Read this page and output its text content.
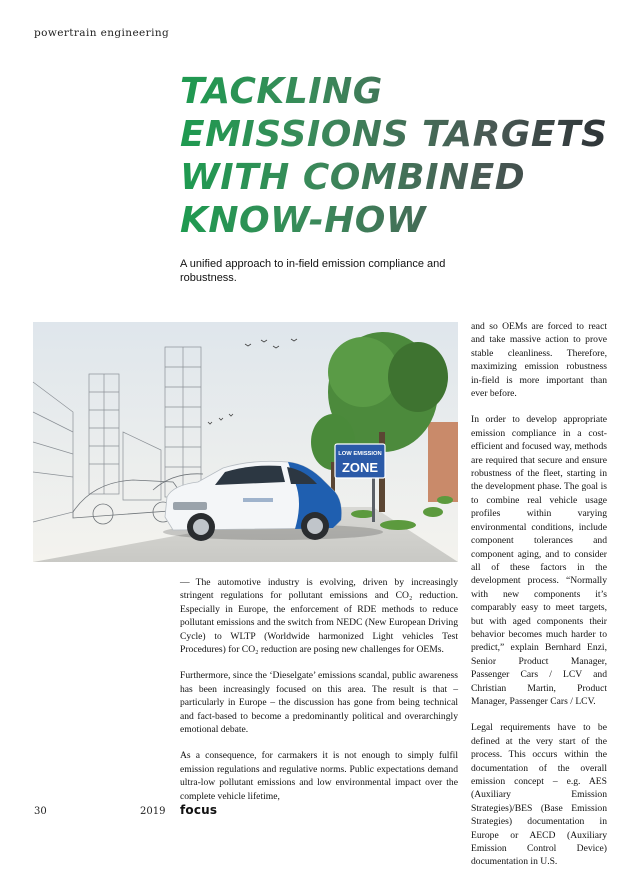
powertrain engineering
TACKLING
EMISSIONS TARGETS
WITH COMBINED
KNOW-HOW
A unified approach to in-field emission compliance and robustness.
LOW EMISSION
ZONE

— The automotive industry is evolving, driven by increasingly stringent regulations for pollutant emissions and CO₂ reduction. Especially in Europe, the enforcement of RDE methods to reduce pollutant emissions and the switch from NEDC (New European Driving Cycle) to WLTP (Worldwide harmonized Light vehicles Test Procedures) for CO₂ reduction are posing new challenges for OEMs.

Furthermore, since the ‘Dieselgate’ emissions scandal, public awareness has been increasingly focused on this area. The result is that – particularly in Europe – the discussion has gone from being technical and fact-based to become a predominantly political and overarchingly emotional debate.

As a consequence, for carmakers it is not enough to simply fulfil emission regulations and regulative norms. Public expectations demand ultra-low pollutant emissions and low environmental impact over the complete vehicle lifetime,

and so OEMs are forced to react and take massive action to prove stable cleanliness. Therefore, maximizing emission robustness in-field is more important than ever before.

In order to develop appropriate emission compliance in a cost-efficient and focused way, methods are required that secure and ensure robustness of the fleet, starting in the development phase. The goal is to combine real vehicle usage profiles within varying environmental conditions, include component tolerances and component aging, and to consider all of these factors in the development process. “Normally with new components it’s comparably easy to meet targets, but with aged components their behavior becomes much harder to predict,” explain Bernhard Enzi, Senior Product Manager, Passenger Cars / LCV and Christian Martin, Product Manager, Passenger Cars / LCV.

Legal requirements have to be defined at the very start of the process. This occurs within the documentation of the overall emission concept – e.g. AES (Auxiliary Emission Strategies)/BES (Base Emission Strategies) documentation in Europe or AECD (Auxiliary Emission Control Device) documentation in U.S.

30	2019 focus
